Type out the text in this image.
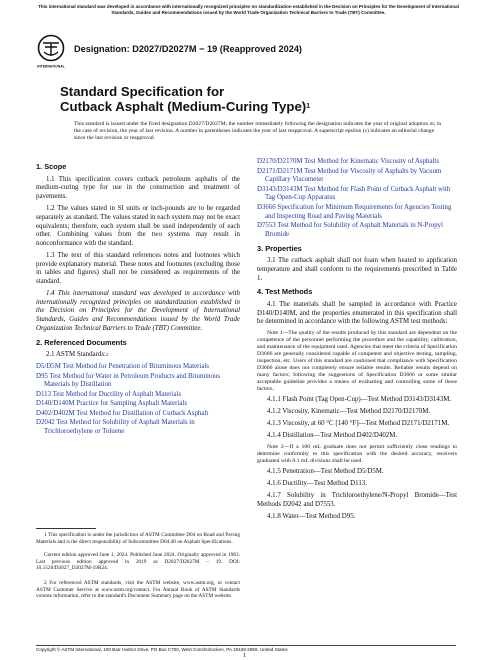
This international standard was developed in accordance with internationally recognized principles on standardization established in the Decision on Principles for the Development of International Standards, Guides and Recommendations issued by the World Trade Organization Technical Barriers to Trade (TBT) Committee.
INTERNATIONAL
Designation: D2027/D2027M − 19 (Reapproved 2024)
Standard Specification for
Cutback Asphalt (Medium-Curing Type)$^1$
This standard is issued under the fixed designation D2027/D2027M; the number immediately following the designation indicates the year of original adoption or, in the case of revision, the year of last revision. A number in parentheses indicates the year of last reapproval. A superscript epsilon (ε) indicates an editorial change since the last revision or reapproval.
1. Scope

1.1 This specification covers cutback petroleum asphalts of the medium-curing type for use in the construction and treatment of pavements.

1.2 The values stated in SI units or inch-pounds are to be regarded separately as standard. The values stated in each system may not be exact equivalents; therefore, each system shall be used independently of each other. Combining values from the two systems may result in nonconformance with the standard.

1.3 The text of this standard references notes and footnotes which provide explanatory material. These notes and footnotes (excluding those in tables and figures) shall not be considered as requirements of the standard.

1.4 This international standard was developed in accordance with internationally recognized principles on standardization established in the Decision on Principles for the Development of International Standards, Guides and Recommendations issued by the World Trade Organization Technical Barriers to Trade (TBT) Committee.

2. Referenced Documents

2.1 ASTM Standards:$^2$

D5/D5M Test Method for Penetration of Bituminous Materials
D95 Test Method for Water in Petroleum Products and Bituminous Materials by Distillation
D113 Test Method for Ductility of Asphalt Materials
D140/D140M Practice for Sampling Asphalt Materials
D402/D402M Test Method for Distillation of Cutback Asphalt
D2042 Test Method for Solubility of Asphalt Materials in Trichloroethylene or Toluene
1 This specification is under the jurisdiction of ASTM Committee D04 on Road and Paving Materials and is the direct responsibility of Subcommittee D04.40 on Asphalt Specifications.
Current edition approved June 1, 2024. Published June 2024. Originally approved in 1963. Last previous edition approved in 2019 as D2027/D2027M – 19. DOI: 10.1520/D2027_D2027M-19R24.
2 For referenced ASTM standards, visit the ASTM website, www.astm.org, or contact ASTM Customer Service at www.astm.org/contact. For Annual Book of ASTM Standards volume information, refer to the standard's Document Summary page on the ASTM website.
D2170/D2170M Test Method for Kinematic Viscosity of Asphalts
D2171/D2171M Test Method for Viscosity of Asphalts by Vacuum Capillary Viscometer
D3143/D3143M Test Method for Flash Point of Cutback Asphalt with Tag Open-Cup Apparatus
D3666 Specification for Minimum Requirements for Agencies Testing and Inspecting Road and Paving Materials
D7553 Test Method for Solubility of Asphalt Materials in N-Propyl Bromide
3. Properties

3.1 The cutback asphalt shall not foam when heated to application temperature and shall conform to the requirements prescribed in Table 1.

4. Test Methods

4.1 The materials shall be sampled in accordance with Practice D140/D140M, and the properties enumerated in this specification shall be determined in accordance with the following ASTM test methods:

Note 1—The quality of the results produced by this standard are dependent on the competence of the personnel performing the procedure and the capability, calibration, and maintenance of the equipment used. Agencies that meet the criteria of Specification D3666 are generally considered capable of competent and objective testing, sampling, inspection, etc. Users of this standard are cautioned that compliance with Specification D3666 alone does not completely ensure reliable results. Reliable results depend on many factors; following the suggestions of Specification D3666 or some similar acceptable guideline provides a means of evaluating and controlling some of those factors.

4.1.1 Flash Point (Tag Open-Cup)—Test Method D3143/D3143M.

4.1.2 Viscosity, Kinematic—Test Method D2170/D2170M.

4.1.3 Viscosity, at 60 °C [140 °F]—Test Method D2171/D2171M.

4.1.4 Distillation—Test Method D402/D402M.

Note 2—If a 100 mL graduate does not permit sufficiently close readings to determine conformity to this specification with the desired accuracy, receivers graduated with 0.1 mL divisions shall be used.

4.1.5 Penetration—Test Method D5/D5M.

4.1.6 Ductility—Test Method D113.

4.1.7 Solubility in Trichloroethylene/N-Propyl Bromide—Test Methods D2042 and D7553.

4.1.8 Water—Test Method D95.

Copyright © ASTM International, 100 Barr Harbor Drive, PO Box C700, West Conshohocken, PA 19428-2959. United States
1
